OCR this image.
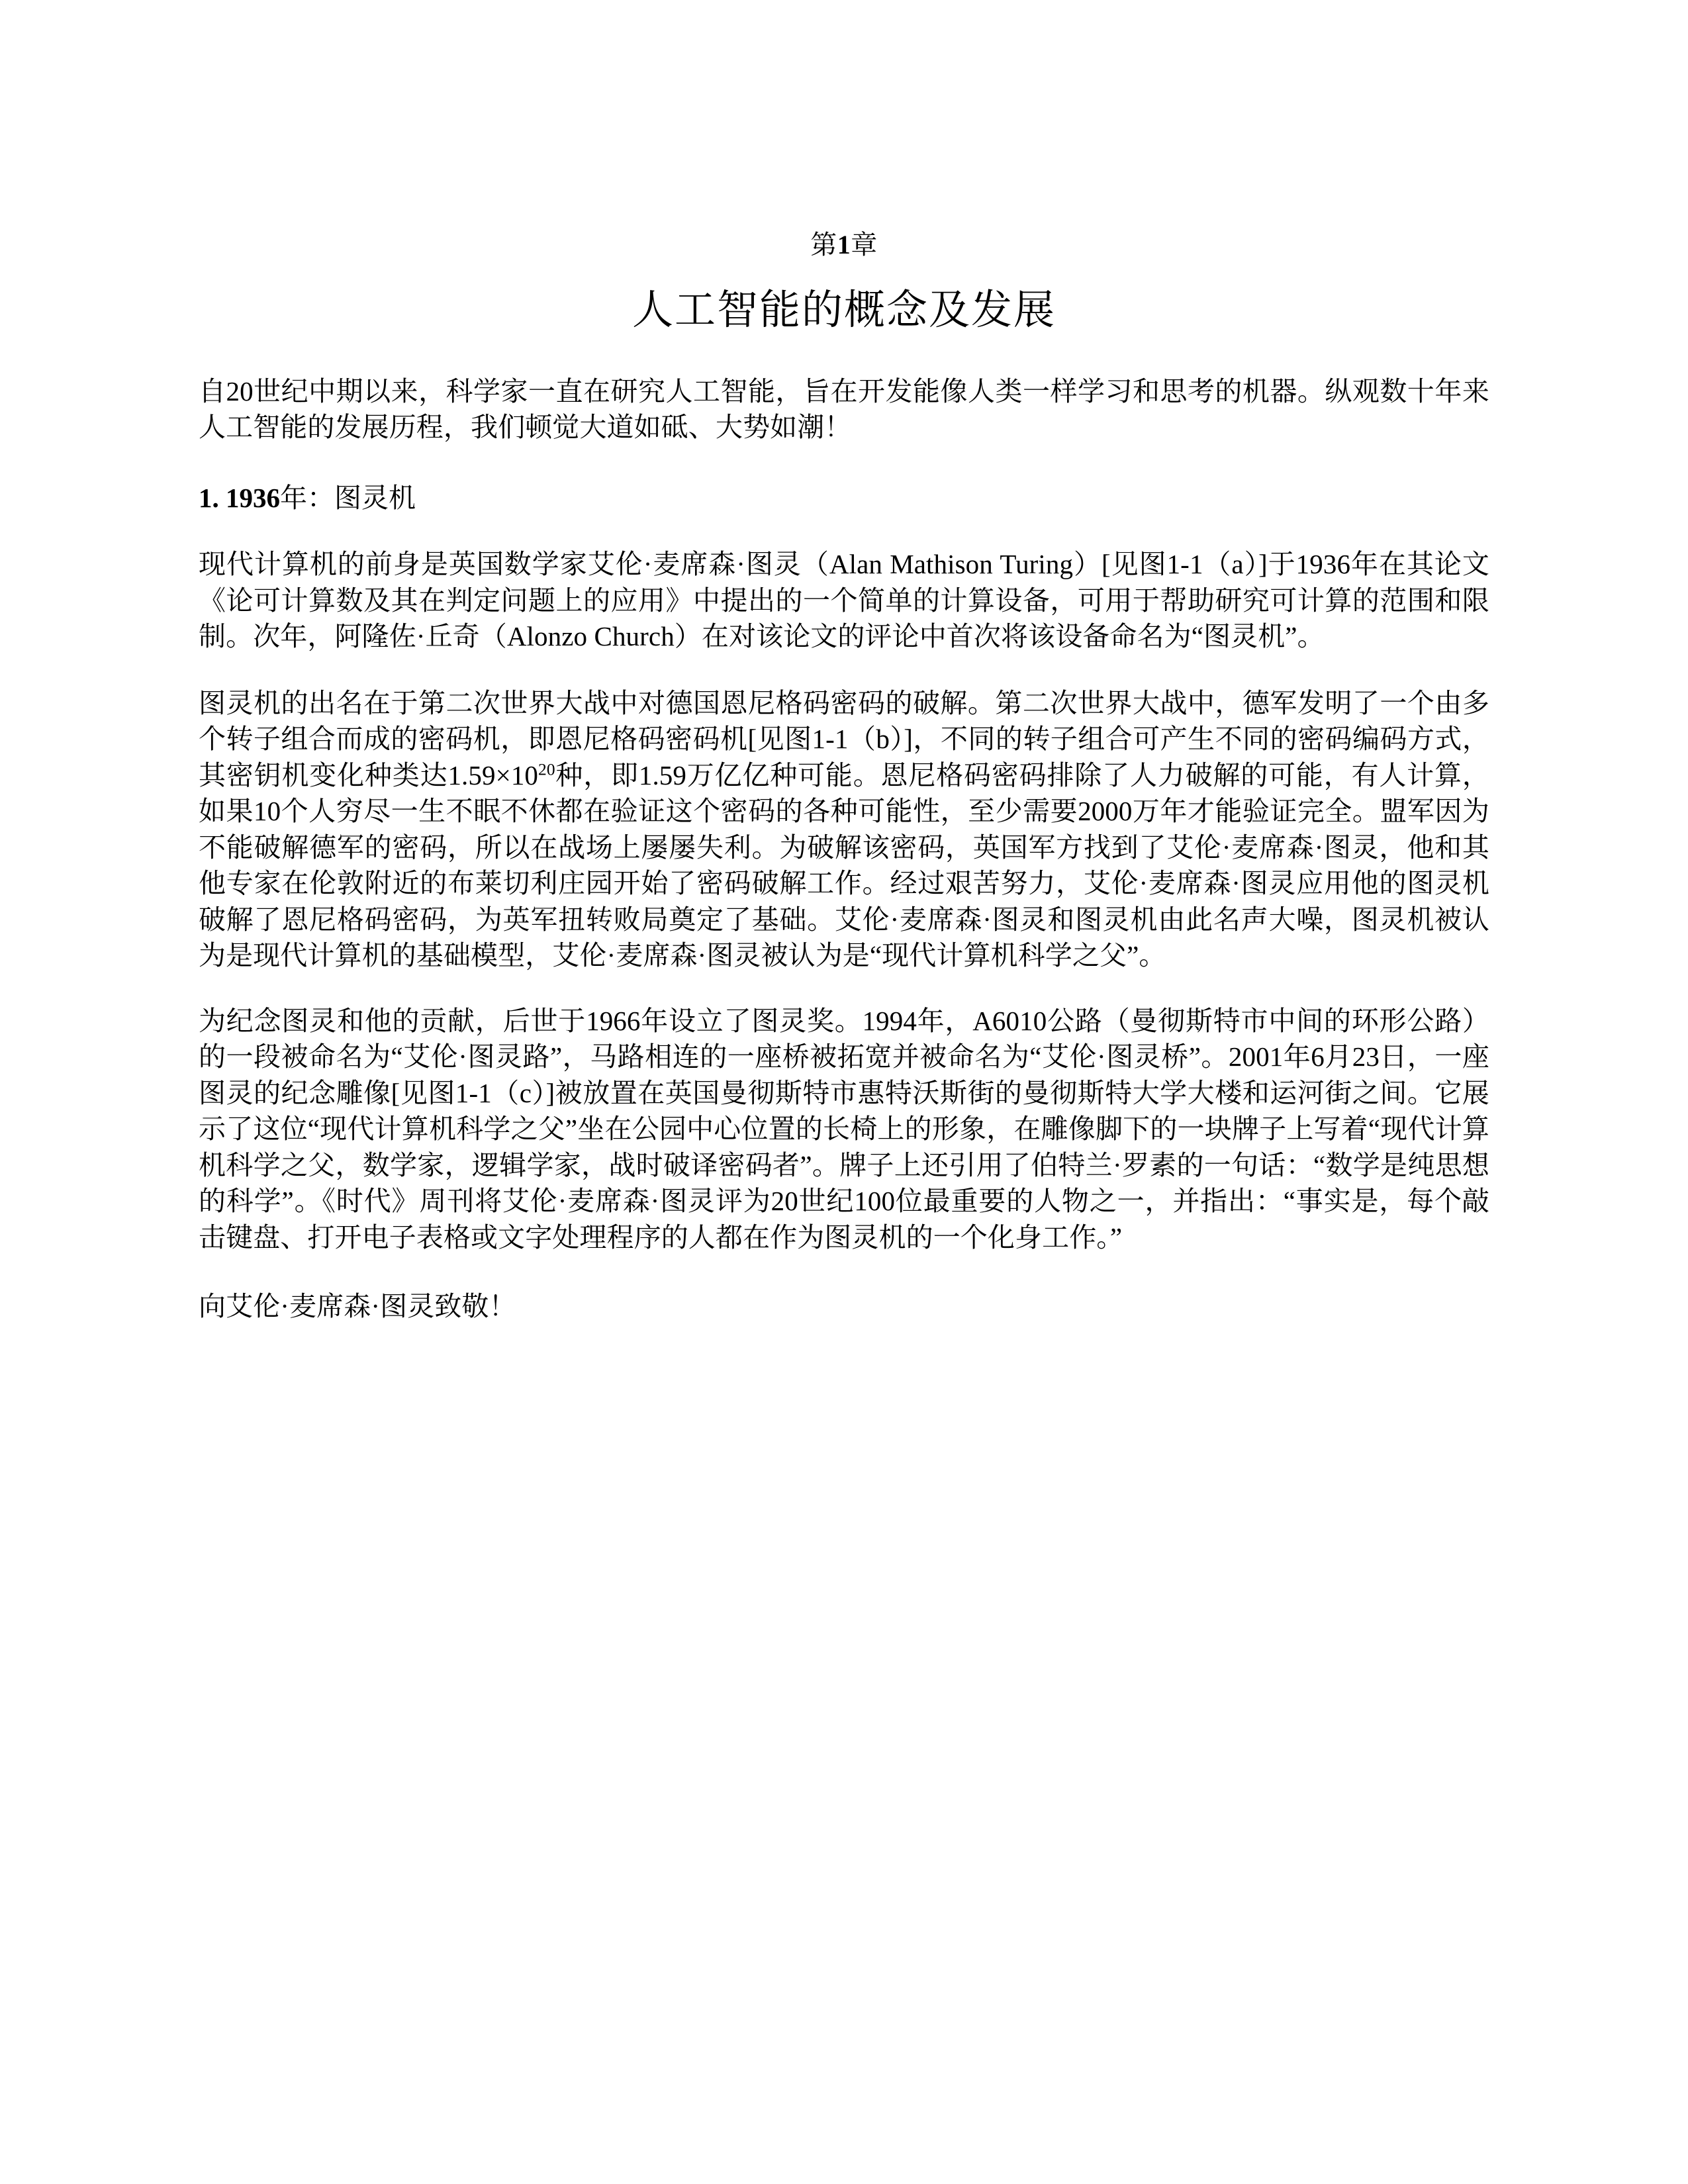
第1章
人工智能的概念及发展

自20世纪中期以来，科学家一直在研究人工智能，旨在开发能像人类一样学习和思考的机器。纵观数十年来人工智能的发展历程，我们顿觉大道如砥、大势如潮！

1. 1936年：图灵机

现代计算机的前身是英国数学家艾伦·麦席森·图灵（Alan Mathison Turing）[见图1-1（a）]于1936年在其论文《论可计算数及其在判定问题上的应用》中提出的一个简单的计算设备，可用于帮助研究可计算的范围和限制。次年，阿隆佐·丘奇（Alonzo Church）在对该论文的评论中首次将该设备命名为“图灵机”。

图灵机的出名在于第二次世界大战中对德国恩尼格码密码的破解。第二次世界大战中，德军发明了一个由多个转子组合而成的密码机，即恩尼格码密码机[见图1-1（b）]，不同的转子组合可产生不同的密码编码方式，其密钥机变化种类达$1.59\times 10^{20}$种，即1.59万亿亿种可能。恩尼格码密码排除了人力破解的可能，有人计算，如果10个人穷尽一生不眠不休都在验证这个密码的各种可能性，至少需要2000万年才能验证完全。盟军因为不能破解德军的密码，所以在战场上屡屡失利。为破解该密码，英国军方找到了艾伦·麦席森·图灵，他和其他专家在伦敦附近的布莱切利庄园开始了密码破解工作。经过艰苦努力，艾伦·麦席森·图灵应用他的图灵机破解了恩尼格码密码，为英军扭转败局奠定了基础。艾伦·麦席森·图灵和图灵机由此名声大噪，图灵机被认为是现代计算机的基础模型，艾伦·麦席森·图灵被认为是“现代计算机科学之父”。

为纪念图灵和他的贡献，后世于1966年设立了图灵奖。1994年，A6010公路（曼彻斯特市中间的环形公路）的一段被命名为“艾伦·图灵路”，马路相连的一座桥被拓宽并被命名为“艾伦·图灵桥”。2001年6月23日，一座图灵的纪念雕像[见图1-1（c）]被放置在英国曼彻斯特市惠特沃斯街的曼彻斯特大学大楼和运河街之间。它展示了这位“现代计算机科学之父”坐在公园中心位置的长椅上的形象，在雕像脚下的一块牌子上写着“现代计算机科学之父，数学家，逻辑学家，战时破译密码者”。牌子上还引用了伯特兰·罗素的一句话：“数学是纯思想的科学”。《时代》周刊将艾伦·麦席森·图灵评为20世纪100位最重要的人物之一，并指出：“事实是，每个敲击键盘、打开电子表格或文字处理程序的人都在作为图灵机的一个化身工作。”

向艾伦·麦席森·图灵致敬！
